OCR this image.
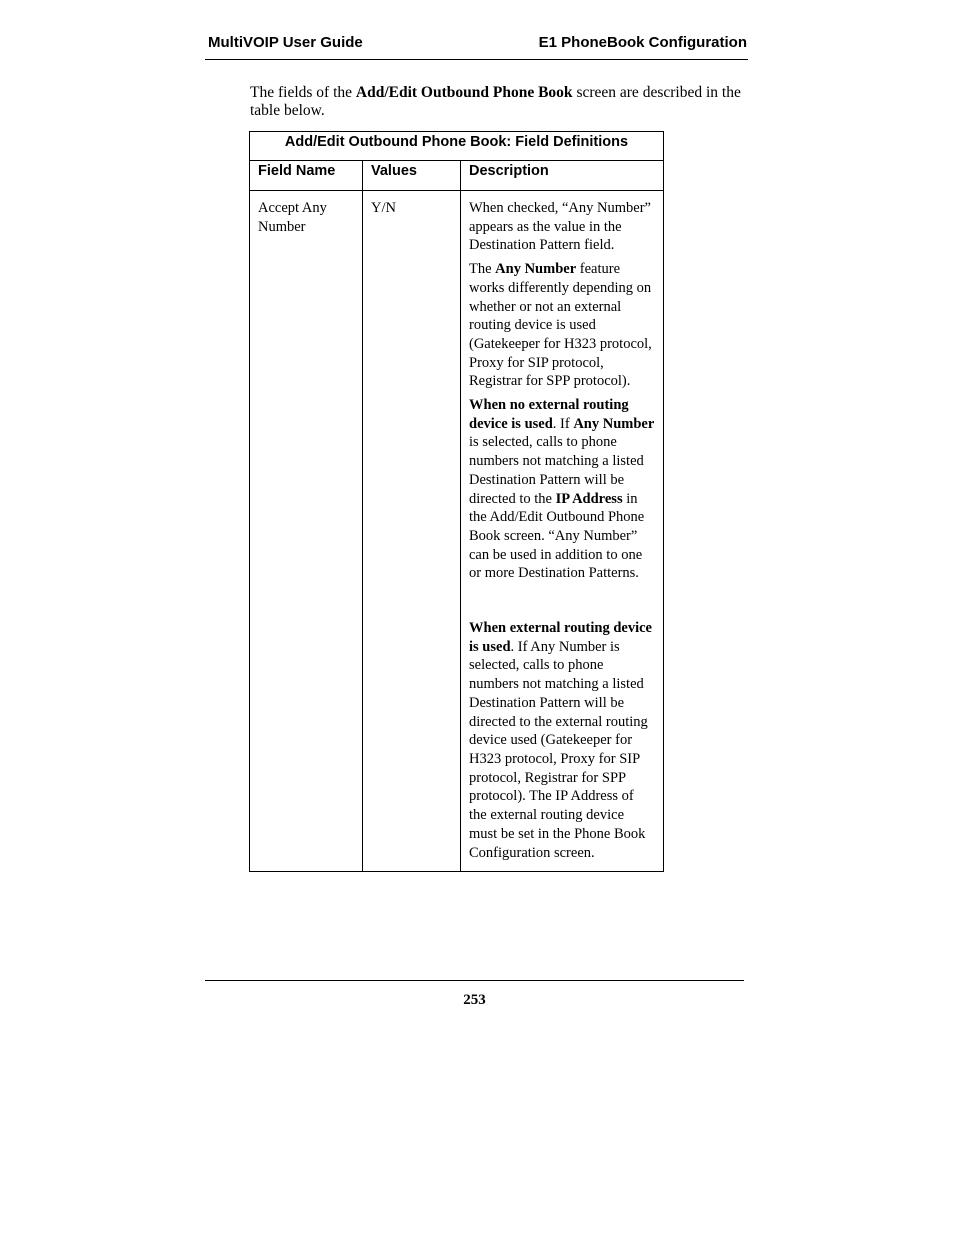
MultiVOIP User Guide	E1 PhoneBook Configuration
The fields of the Add/Edit Outbound Phone Book screen are described in the table below.
Add/Edit Outbound Phone Book: Field Definitions		
Field Name	Values	Description
Accept Any Number	Y/N	When checked, “Any Number” appears as the value in the Destination Pattern field.

The Any Number feature works differently depending on whether or not an external routing device is used (Gatekeeper for H323 protocol, Proxy for SIP protocol, Registrar for SPP protocol).

When no external routing device is used. If Any Number is selected, calls to phone numbers not matching a listed Destination Pattern will be directed to the IP Address in the Add/Edit Outbound Phone Book screen. “Any Number” can be used in addition to one or more Destination Patterns.

When external routing device is used. If Any Number is selected, calls to phone numbers not matching a listed Destination Pattern will be directed to the external routing device used (Gatekeeper for H323 protocol, Proxy for SIP protocol, Registrar for SPP protocol). The IP Address of the external routing device must be set in the Phone Book Configuration screen.

253
